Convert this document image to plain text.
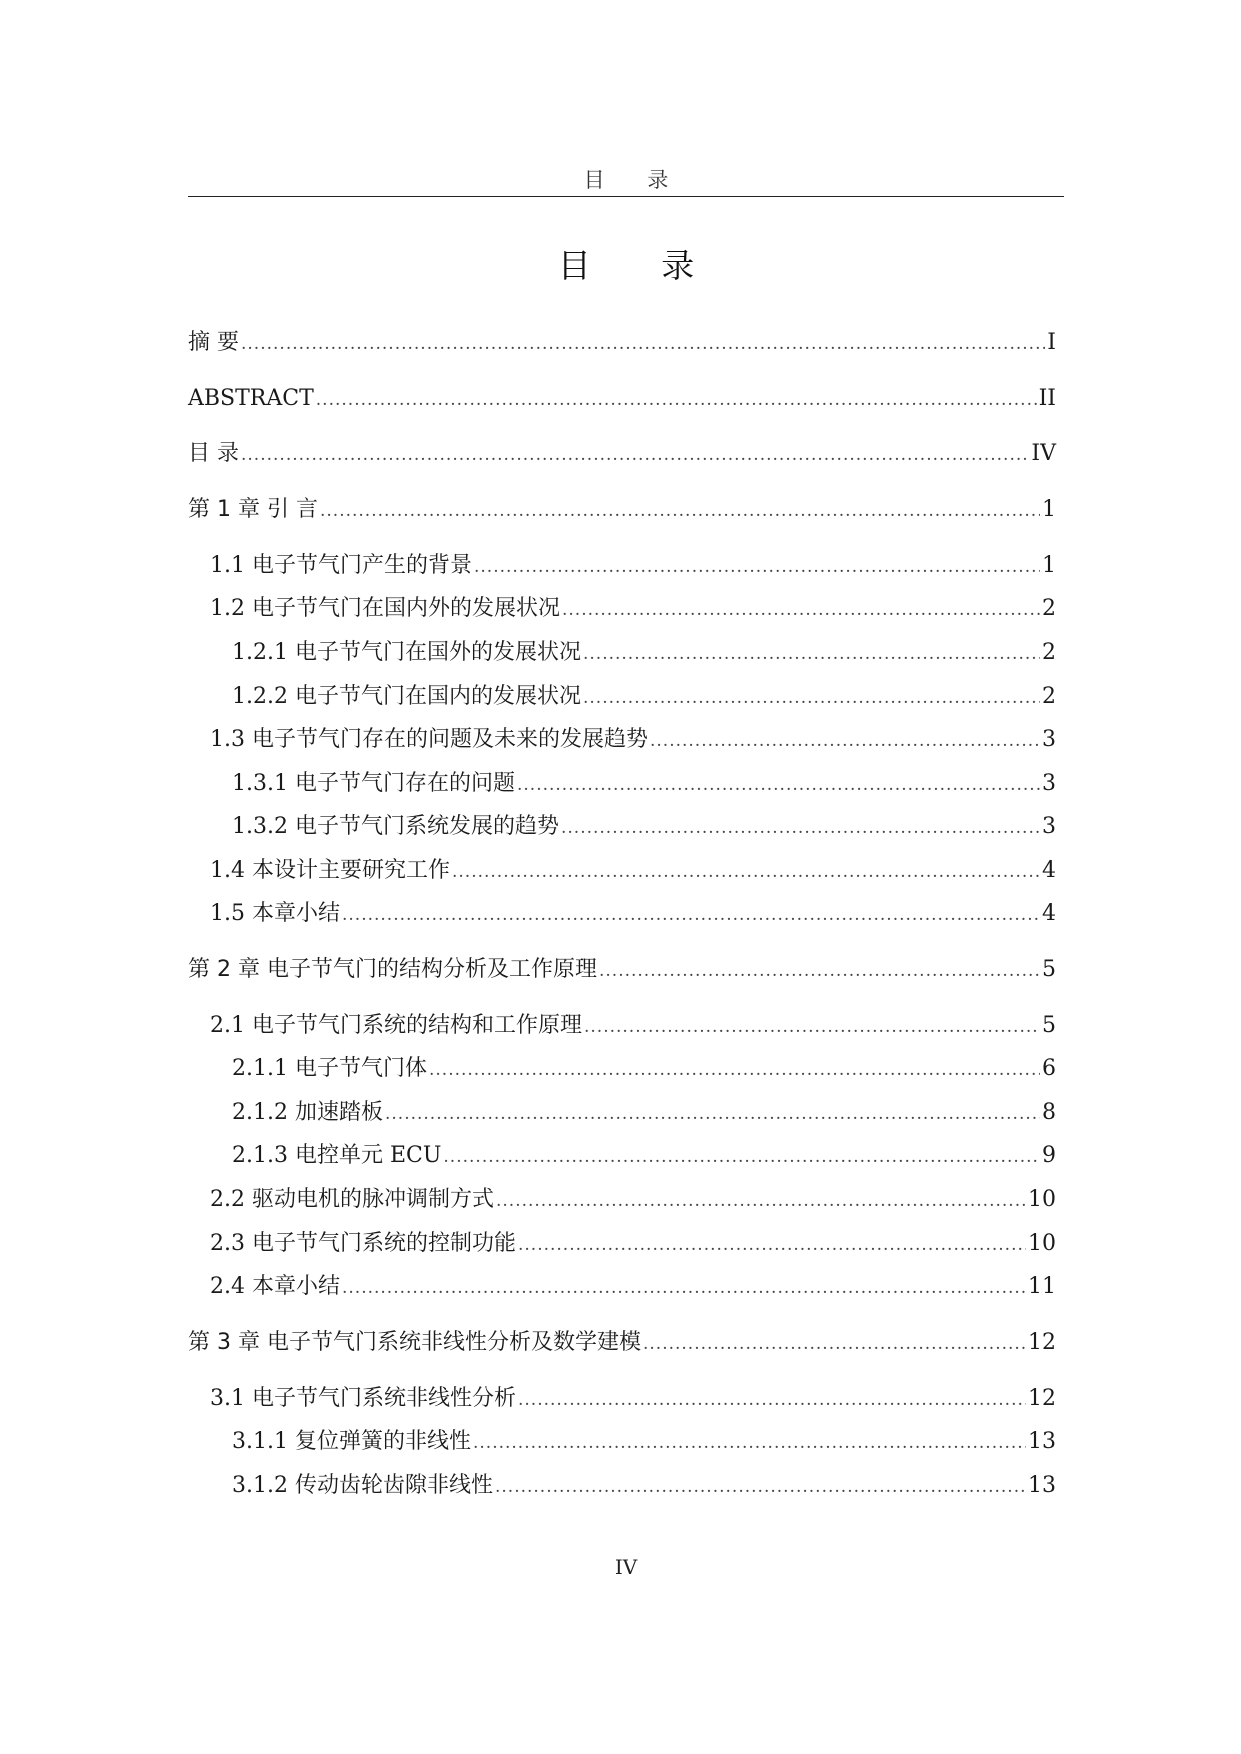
目 录
目 录
摘 要 .....	I
ABSTRACT .....	II
目 录 .....	IV
第 1 章 引 言 .....	1
1.1 电子节气门产生的背景 .....	1
1.2 电子节气门在国内外的发展状况 .....	2
1.2.1 电子节气门在国外的发展状况 .....	2
1.2.2 电子节气门在国内的发展状况 .....	2
1.3 电子节气门存在的问题及未来的发展趋势 .....	3
1.3.1 电子节气门存在的问题 .....	3
1.3.2 电子节气门系统发展的趋势 .....	3
1.4 本设计主要研究工作 .....	4
1.5 本章小结 .....	4
第 2 章 电子节气门的结构分析及工作原理 .....	5
2.1 电子节气门系统的结构和工作原理 .....	5
2.1.1 电子节气门体 .....	6
2.1.2 加速踏板 .....	8
2.1.3 电控单元 ECU .....	9
2.2 驱动电机的脉冲调制方式 .....	10
2.3 电子节气门系统的控制功能 .....	10
2.4 本章小结 .....	11
第 3 章 电子节气门系统非线性分析及数学建模 .....	12
3.1 电子节气门系统非线性分析 .....	12
3.1.1 复位弹簧的非线性 .....	13
3.1.2 传动齿轮齿隙非线性 .....	13
IV
